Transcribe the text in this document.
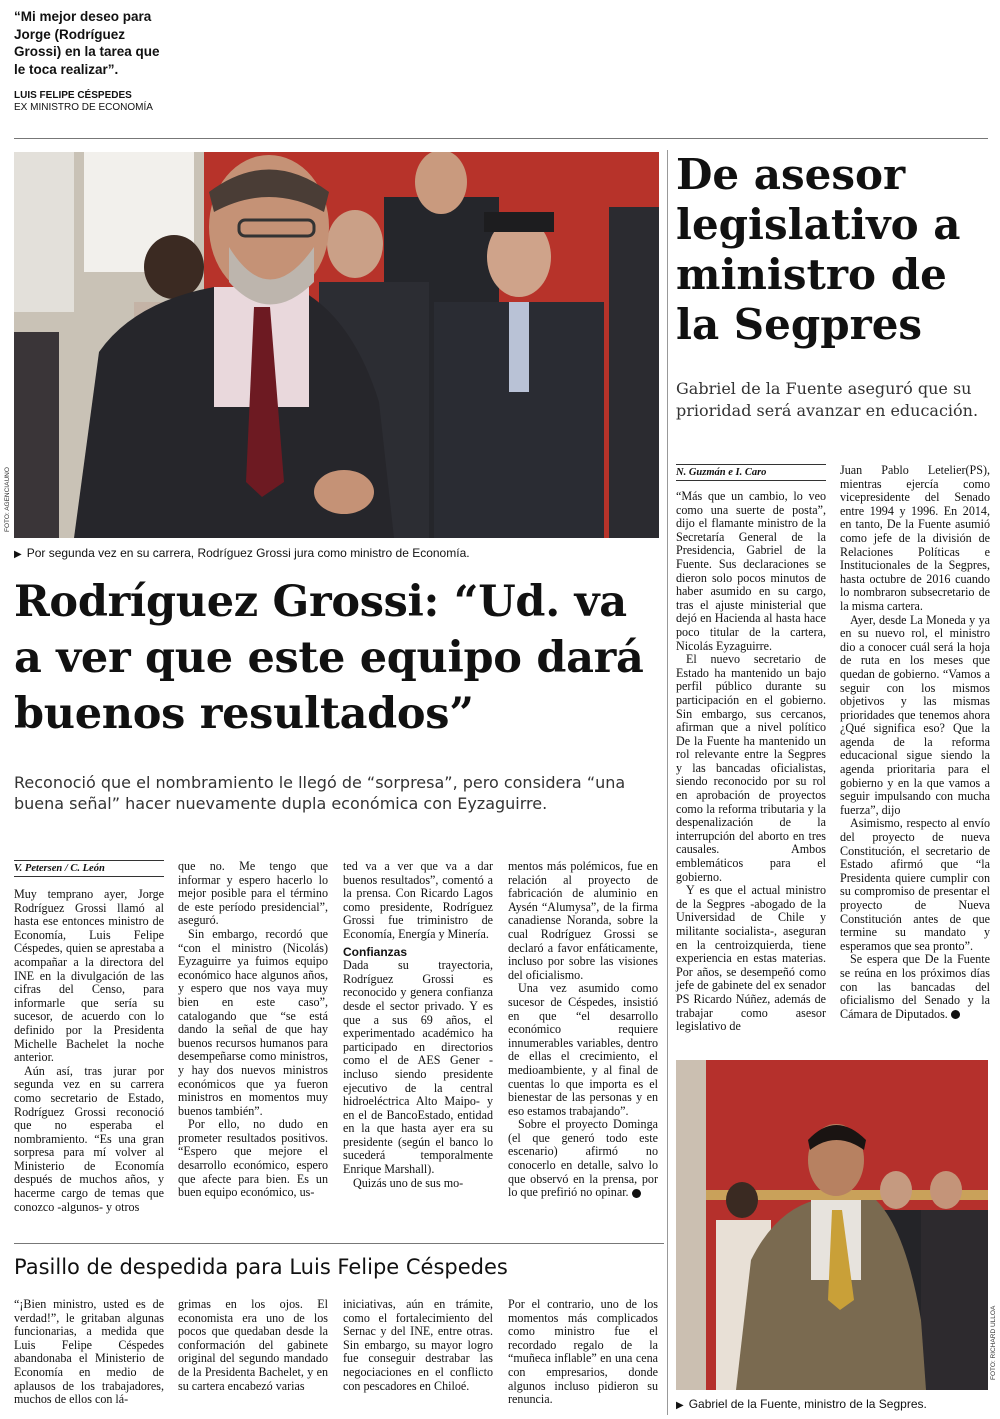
“Mi mejor deseo para Jorge (Rodríguez Grossi) en la tarea que le toca realizar”.
LUIS FELIPE CÉSPEDES
EX MINISTRO DE ECONOMÍA
FOTO: AGENCIAUNO
▶ Por segunda vez en su carrera, Rodríguez Grossi jura como ministro de Economía.
Rodríguez Grossi: “Ud. va a ver que este equipo dará buenos resultados”
Reconoció que el nombramiento le llegó de “sorpresa”, pero considera “una buena señal” hacer nuevamente dupla económica con Eyzaguirre.
V. Petersen / C. León

Muy temprano ayer, Jorge Rodríguez Grossi llamó al hasta ese entonces ministro de Economía, Luis Felipe Céspedes, quien se aprestaba a acompañar a la directora del INE en la divulgación de las cifras del Censo, para informarle que sería su sucesor, de acuerdo con lo definido por la Presidenta Michelle Bachelet la noche anterior.

Aún así, tras jurar por segunda vez en su carrera como secretario de Estado, Rodríguez Grossi reconoció que no esperaba el nombramiento. “Es una gran sorpresa para mí volver al Ministerio de Economía después de muchos años, y hacerme cargo de temas que conozco -algunos- y otros

que no. Me tengo que informar y espero hacerlo lo mejor posible para el término de este período presidencial”, aseguró.

Sin embargo, recordó que “con el ministro (Nicolás) Eyzaguirre ya fuimos equipo económico hace algunos años, y espero que nos vaya muy bien en este caso”, catalogando que “se está dando la señal de que hay buenos recursos humanos para desempeñarse como ministros, y hay dos nuevos ministros económicos que ya fueron ministros en momentos muy buenos también”.

Por ello, no dudo en prometer resultados positivos. “Espero que mejore el desarrollo económico, espero que afecte para bien. Es un buen equipo económico, us-

ted va a ver que va a dar buenos resultados”, comentó a la prensa. Con Ricardo Lagos como presidente, Rodríguez Grossi fue triministro de Economía, Energía y Minería.

Confianzas

Dada su trayectoria, Rodríguez Grossi es reconocido y genera confianza desde el sector privado. Y es que a sus 69 años, el experimentado académico ha participado en directorios como el de AES Gener -incluso siendo presidente ejecutivo de la central hidroeléctrica Alto Maipo- y en el de BancoEstado, entidad en la que hasta ayer era su presidente (según el banco lo sucederá temporalmente Enrique Marshall).

Quizás uno de sus mo-

mentos más polémicos, fue en relación al proyecto de fabricación de aluminio en Aysén “Alumysa”, de la firma canadiense Noranda, sobre la cual Rodríguez Grossi se declaró a favor enfáticamente, incluso por sobre las visiones del oficialismo.

Una vez asumido como sucesor de Céspedes, insistió en que “el desarrollo económico requiere innumerables variables, dentro de ellas el crecimiento, el medioambiente, y al final de cuentas lo que importa es el bienestar de las personas y en eso estamos trabajando”.

Sobre el proyecto Dominga (el que generó todo este escenario) afirmó no conocerlo en detalle, salvo lo que observó en la prensa, por lo que prefirió no opinar.

De asesor legislativo a ministro de la Segpres
Gabriel de la Fuente aseguró que su prioridad será avanzar en educación.
N. Guzmán e I. Caro

“Más que un cambio, lo veo como una suerte de posta”, dijo el flamante ministro de la Secretaría General de la Presidencia, Gabriel de la Fuente. Sus declaraciones se dieron solo pocos minutos de haber asumido en su cargo, tras el ajuste ministerial que dejó en Hacienda al hasta hace poco titular de la cartera, Nicolás Eyzaguirre.

El nuevo secretario de Estado ha mantenido un bajo perfil público durante su participación en el gobierno. Sin embargo, sus cercanos, afirman que a nivel político De la Fuente ha mantenido un rol relevante entre la Segpres y las bancadas oficialistas, siendo reconocido por su rol en aprobación de proyectos como la reforma tributaria y la despenalización de la interrupción del aborto en tres causales. Ambos emblemáticos para el gobierno.

Y es que el actual ministro de la Segpres -abogado de la Universidad de Chile y militante socialista-, aseguran en la centroizquierda, tiene experiencia en estas materias. Por años, se desempeñó como jefe de gabinete del ex senador PS Ricardo Núñez, además de trabajar como asesor legislativo de

Juan Pablo Letelier(PS), mientras ejercía como vicepresidente del Senado entre 1994 y 1996. En 2014, en tanto, De la Fuente asumió como jefe de la división de Relaciones Políticas e Institucionales de la Segpres, hasta octubre de 2016 cuando lo nombraron subsecretario de la misma cartera.

Ayer, desde La Moneda y ya en su nuevo rol, el ministro dio a conocer cuál será la hoja de ruta en los meses que quedan de gobierno. “Vamos a seguir con los mismos objetivos y las mismas prioridades que tenemos ahora ¿Qué significa eso? Que la agenda de la reforma educacional sigue siendo la agenda prioritaria para el gobierno y en la que vamos a seguir impulsando con mucha fuerza”, dijo

Asimismo, respecto al envío del proyecto de nueva Constitución, el secretario de Estado afirmó que “la Presidenta quiere cumplir con su compromiso de presentar el proyecto de Nueva Constitución antes de que termine su mandato y esperamos que sea pronto”.

Se espera que De la Fuente se reúna en los próximos días con las bancadas del oficialismo del Senado y la Cámara de Diputados.

FOTO: RICHARD ULLOA
▶ Gabriel de la Fuente, ministro de la Segpres.
Pasillo de despedida para Luis Felipe Céspedes

“¡Bien ministro, usted es de verdad!”, le gritaban algunas funcionarias, a medida que Luis Felipe Céspedes abandonaba el Ministerio de Economía en medio de aplausos de los trabajadores, muchos de ellos con lá-

grimas en los ojos. El economista era uno de los pocos que quedaban desde la conformación del gabinete original del segundo mandado de la Presidenta Bachelet, y en su cartera encabezó varias

iniciativas, aún en trámite, como el fortalecimiento del Sernac y del INE, entre otras. Sin embargo, su mayor logro fue conseguir destrabar las negociaciones en el conflicto con pescadores en Chiloé.

Por el contrario, uno de los momentos más complicados como ministro fue el recordado regalo de la “muñeca inflable” en una cena con empresarios, donde algunos incluso pidieron su renuncia.
